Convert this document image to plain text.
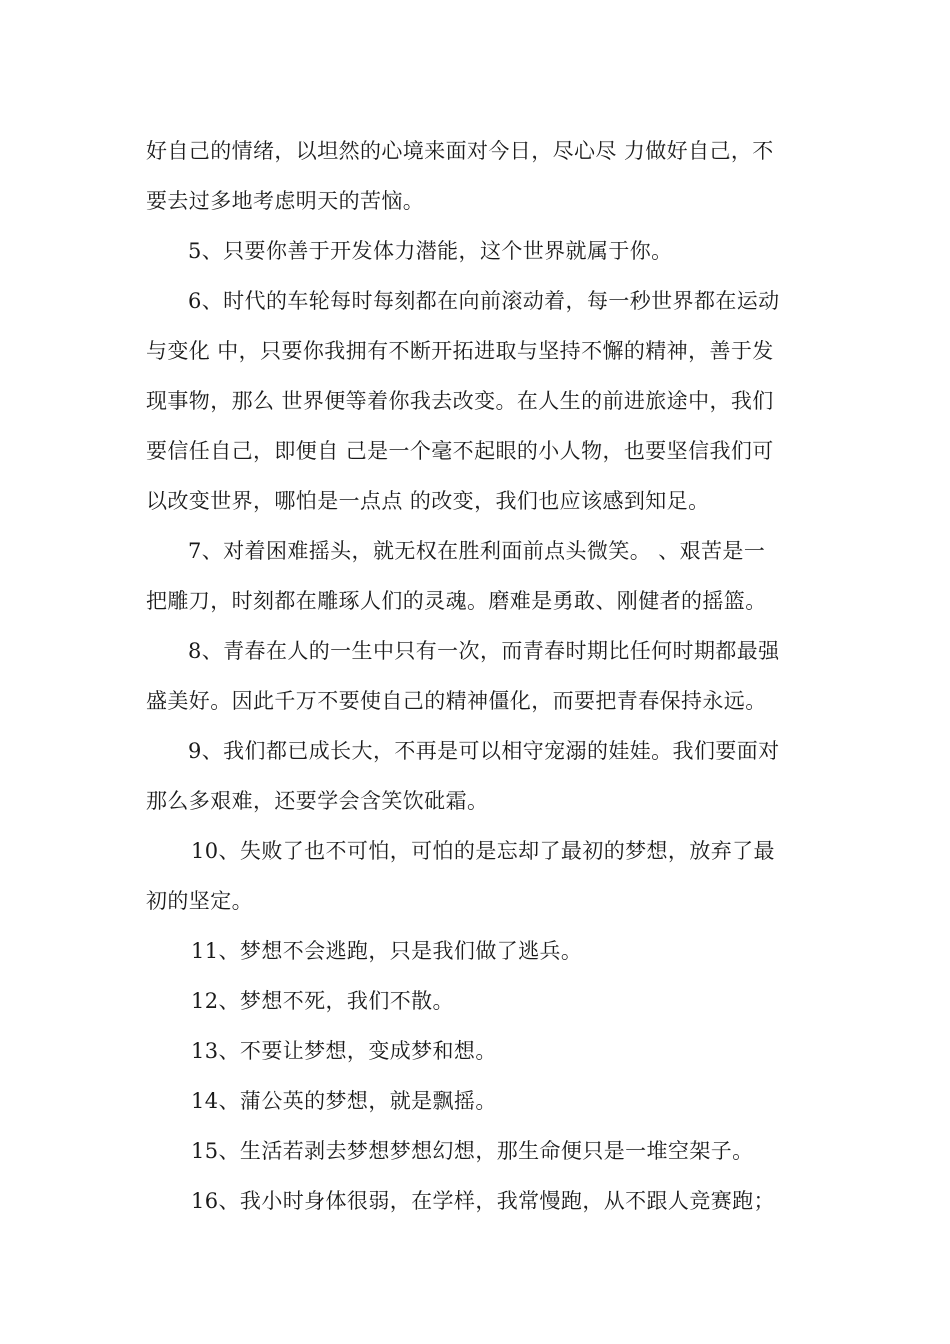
好自己的情绪，以坦然的心境来面对今日，尽心尽 力做好自己，不
要去过多地考虑明天的苦恼。
5、只要你善于开发体力潜能，这个世界就属于你。
6、时代的车轮每时每刻都在向前滚动着，每一秒世界都在运动
与变化 中，只要你我拥有不断开拓进取与坚持不懈的精神，善于发
现事物，那么 世界便等着你我去改变。在人生的前进旅途中，我们
要信任自己，即便自 己是一个毫不起眼的小人物，也要坚信我们可
以改变世界，哪怕是一点点 的改变，我们也应该感到知足。
7、对着困难摇头，就无权在胜利面前点头微笑。 、艰苦是一
把雕刀，时刻都在雕琢人们的灵魂。磨难是勇敢、刚健者的摇篮。
8、青春在人的一生中只有一次，而青春时期比任何时期都最强
盛美好。因此千万不要使自己的精神僵化，而要把青春保持永远。
9、我们都已成长大，不再是可以相守宠溺的娃娃。我们要面对
那么多艰难，还要学会含笑饮砒霜。
10、失败了也不可怕，可怕的是忘却了最初的梦想，放弃了最
初的坚定。
11、梦想不会逃跑，只是我们做了逃兵。
12、梦想不死，我们不散。
13、不要让梦想，变成梦和想。
14、蒲公英的梦想，就是飘摇。
15、生活若剥去梦想梦想幻想，那生命便只是一堆空架子。
16、我小时身体很弱，在学样，我常慢跑，从不跟人竞赛跑；
